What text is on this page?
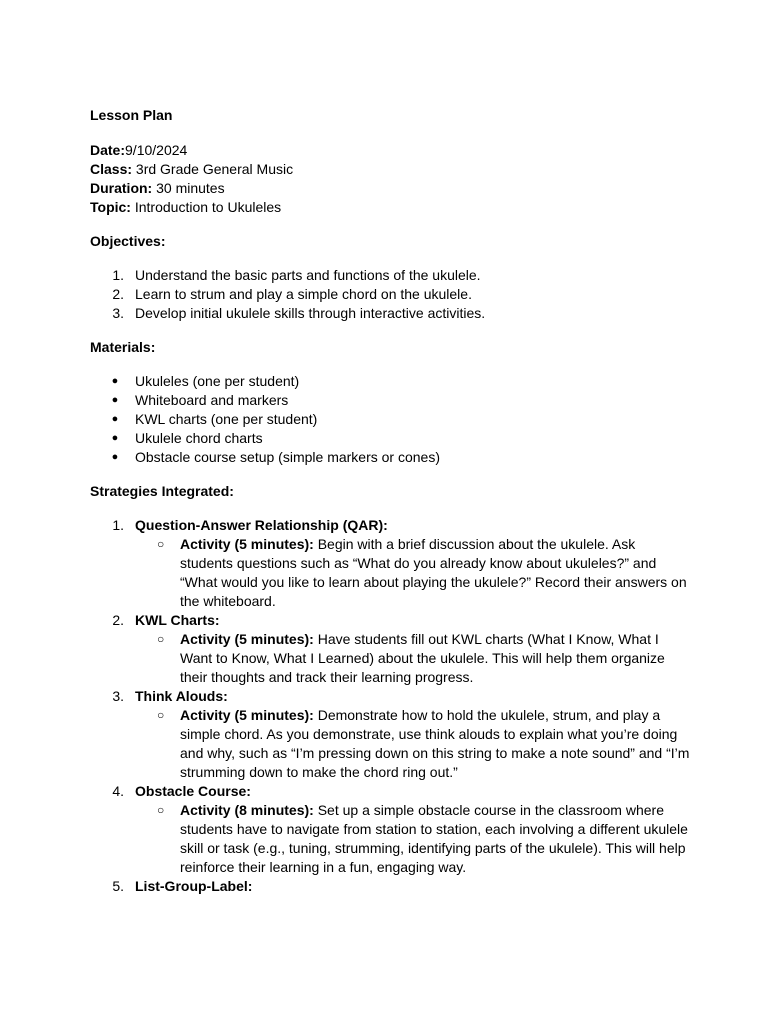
Lesson Plan
Date:9/10/2024
Class: 3rd Grade General Music
Duration: 30 minutes
Topic: Introduction to Ukuleles
Objectives:
1. Understand the basic parts and functions of the ukulele.
2. Learn to strum and play a simple chord on the ukulele.
3. Develop initial ukulele skills through interactive activities.
Materials:
●	Ukuleles (one per student)
●	Whiteboard and markers
●	KWL charts (one per student)
●	Ukulele chord charts
●	Obstacle course setup (simple markers or cones)
Strategies Integrated:
1. Question-Answer Relationship (QAR):
○ Activity (5 minutes): Begin with a brief discussion about the ukulele. Ask students questions such as “What do you already know about ukuleles?” and “What would you like to learn about playing the ukulele?” Record their answers on the whiteboard.
2. KWL Charts:
○ Activity (5 minutes): Have students fill out KWL charts (What I Know, What I Want to Know, What I Learned) about the ukulele. This will help them organize their thoughts and track their learning progress.
3. Think Alouds:
○ Activity (5 minutes): Demonstrate how to hold the ukulele, strum, and play a simple chord. As you demonstrate, use think alouds to explain what you’re doing and why, such as “I’m pressing down on this string to make a note sound” and “I’m strumming down to make the chord ring out.”
4. Obstacle Course:
○ Activity (8 minutes): Set up a simple obstacle course in the classroom where students have to navigate from station to station, each involving a different ukulele skill or task (e.g., tuning, strumming, identifying parts of the ukulele). This will help reinforce their learning in a fun, engaging way.
5. List-Group-Label:
